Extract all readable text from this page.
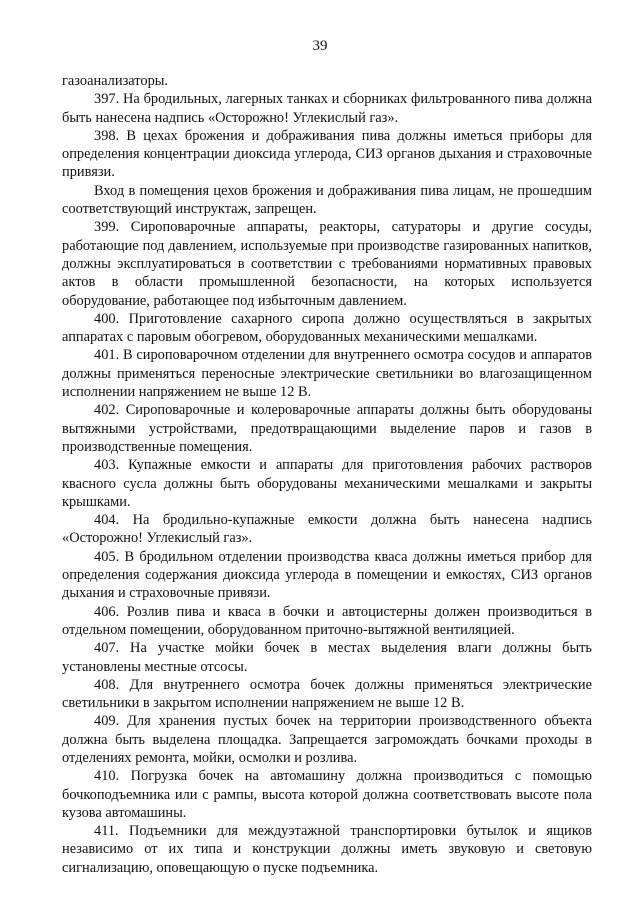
39

газоанализаторы.

397. На бродильных, лагерных танках и сборниках фильтрованного пива должна быть нанесена надпись «Осторожно! Углекислый газ».

398. В цехах брожения и дображивания пива должны иметься приборы для определения концентрации диоксида углерода, СИЗ органов дыхания и страховочные привязи.

Вход в помещения цехов брожения и дображивания пива лицам, не прошедшим соответствующий инструктаж, запрещен.

399. Сироповарочные аппараты, реакторы, сатураторы и другие сосуды, работающие под давлением, используемые при производстве газированных напитков, должны эксплуатироваться в соответствии с требованиями нормативных правовых актов в области промышленной безопасности, на которых используется оборудование, работающее под избыточным давлением.

400. Приготовление сахарного сиропа должно осуществляться в закрытых аппаратах с паровым обогревом, оборудованных механическими мешалками.

401. В сироповарочном отделении для внутреннего осмотра сосудов и аппаратов должны применяться переносные электрические светильники во влагозащищенном исполнении напряжением не выше 12 В.

402. Сироповарочные и колероварочные аппараты должны быть оборудованы вытяжными устройствами, предотвращающими выделение паров и газов в производственные помещения.

403. Купажные емкости и аппараты для приготовления рабочих растворов квасного сусла должны быть оборудованы механическими мешалками и закрыты крышками.

404. На бродильно-купажные емкости должна быть нанесена надпись «Осторожно! Углекислый газ».

405. В бродильном отделении производства кваса должны иметься прибор для определения содержания диоксида углерода в помещении и емкостях, СИЗ органов дыхания и страховочные привязи.

406. Розлив пива и кваса в бочки и автоцистерны должен производиться в отдельном помещении, оборудованном приточно-вытяжной вентиляцией.

407. На участке мойки бочек в местах выделения влаги должны быть установлены местные отсосы.

408. Для внутреннего осмотра бочек должны применяться электрические светильники в закрытом исполнении напряжением не выше 12 В.

409. Для хранения пустых бочек на территории производственного объекта должна быть выделена площадка. Запрещается загромождать бочками проходы в отделениях ремонта, мойки, осмолки и розлива.

410. Погрузка бочек на автомашину должна производиться с помощью бочкоподъемника или с рампы, высота которой должна соответствовать высоте пола кузова автомашины.

411. Подъемники для междуэтажной транспортировки бутылок и ящиков независимо от их типа и конструкции должны иметь звуковую и световую сигнализацию, оповещающую о пуске подъемника.
